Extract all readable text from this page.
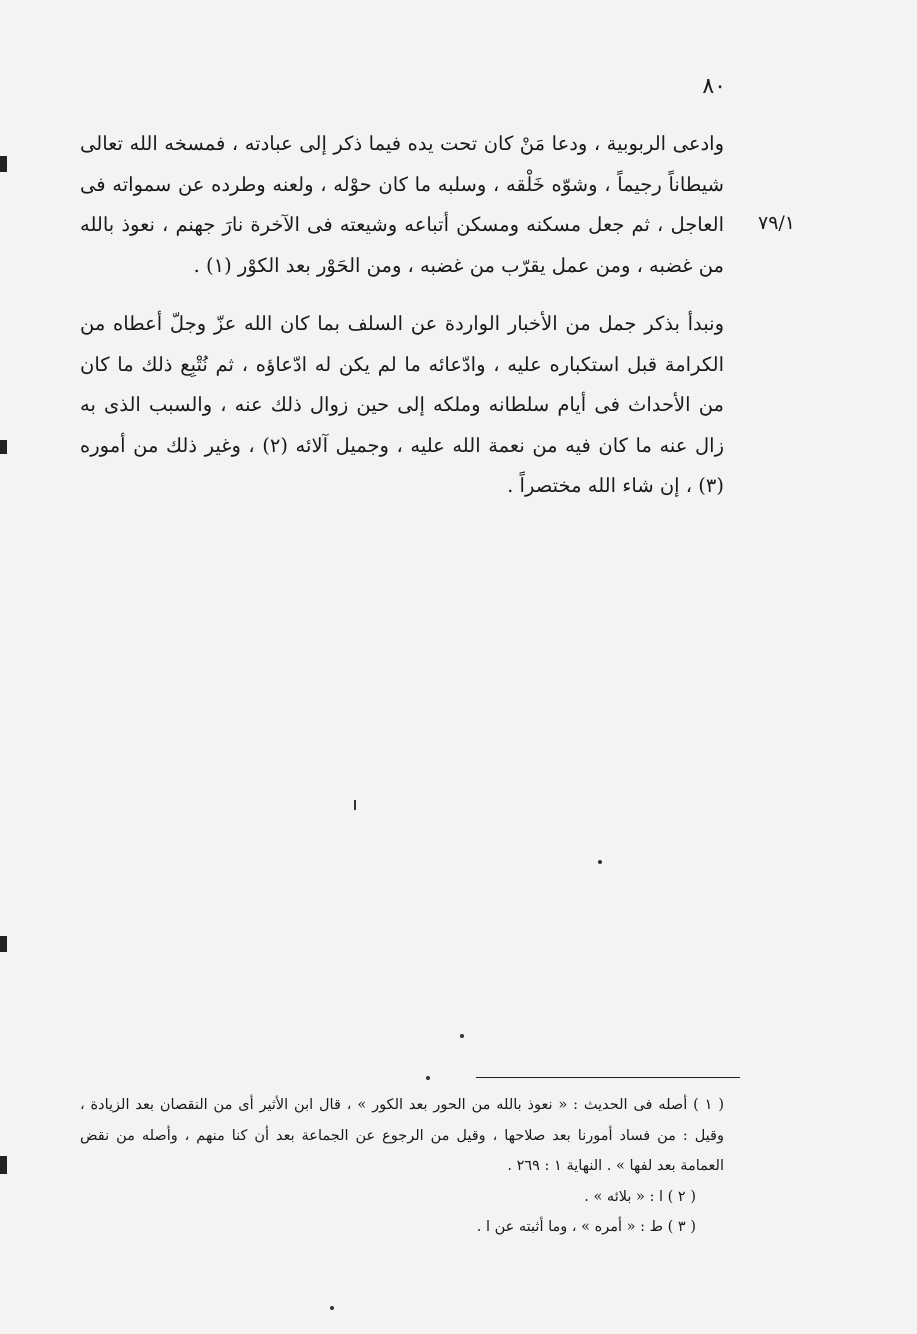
٨٠
٧٩/١

وادعى الربوبية ، ودعا مَنْ كان تحت يده فيما ذكر إلى عبادته ، فمسخه الله تعالى شيطاناً رجيماً ، وشوّه خَلْقه ، وسلبه ما كان حوْله ، ولعنه وطرده عن سمواته فى العاجل ، ثم جعل مسكنه ومسكن أتباعه وشيعته فى الآخرة نارَ جهنم ، نعوذ بالله من غضبه ، ومن عمل يقرّب من غضبه ، ومن الحَوْر بعد الكوْر (١) .

ونبدأ بذكر جمل من الأخبار الواردة عن السلف بما كان الله عزّ وجلّ أعطاه من الكرامة قبل استكباره عليه ، وادّعائه ما لم يكن له ادّعاؤه ، ثم نُتْبِع ذلك ما كان من الأحداث فى أيام سلطانه وملكه إلى حين زوال ذلك عنه ، والسبب الذى به زال عنه ما كان فيه من نعمة الله عليه ، وجميل آلائه (٢) ، وغير ذلك من أموره (٣) ، إن شاء الله مختصراً .

( ١ ) أصله فى الحديث : « نعوذ بالله من الحور بعد الكور » ، قال ابن الأثير أى من النقصان بعد الزيادة ، وقيل : من فساد أمورنا بعد صلاحها ، وقيل من الرجوع عن الجماعة بعد أن كنا منهم ، وأصله من نقض العمامة بعد لفها » . النهاية ١ : ٢٦٩ .

( ٢ ) ا : « بلائه » .

( ٣ ) ط : « أمره » ، وما أثبته عن ا .
